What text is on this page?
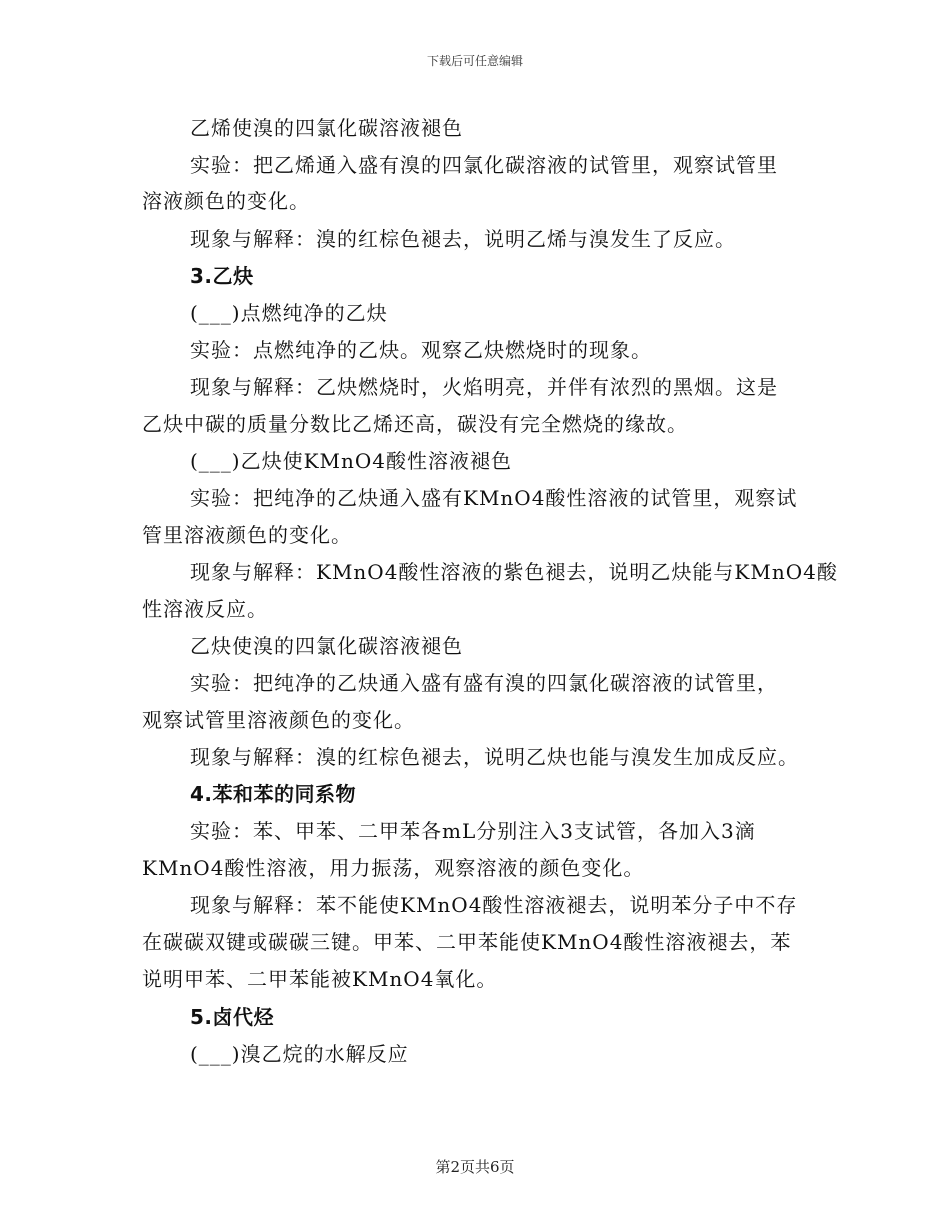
下载后可任意编辑
乙烯使溴的四氯化碳溶液褪色
实验：把乙烯通入盛有溴的四氯化碳溶液的试管里，观察试管里
溶液颜色的变化。
现象与解释：溴的红棕色褪去，说明乙烯与溴发生了反应。
3.乙炔
(___)点燃纯净的乙炔
实验：点燃纯净的乙炔。观察乙炔燃烧时的现象。
现象与解释：乙炔燃烧时，火焰明亮，并伴有浓烈的黑烟。这是
乙炔中碳的质量分数比乙烯还高，碳没有完全燃烧的缘故。
(___)乙炔使KMnO4酸性溶液褪色
实验：把纯净的乙炔通入盛有KMnO4酸性溶液的试管里，观察试
管里溶液颜色的变化。
现象与解释：KMnO4酸性溶液的紫色褪去，说明乙炔能与KMnO4酸
性溶液反应。
乙炔使溴的四氯化碳溶液褪色
实验：把纯净的乙炔通入盛有盛有溴的四氯化碳溶液的试管里，
观察试管里溶液颜色的变化。
现象与解释：溴的红棕色褪去，说明乙炔也能与溴发生加成反应。
4.苯和苯的同系物
实验：苯、甲苯、二甲苯各mL分别注入3支试管，各加入3滴
KMnO4酸性溶液，用力振荡，观察溶液的颜色变化。
现象与解释：苯不能使KMnO4酸性溶液褪去，说明苯分子中不存
在碳碳双键或碳碳三键。甲苯、二甲苯能使KMnO4酸性溶液褪去，苯
说明甲苯、二甲苯能被KMnO4氧化。
5.卤代烃
(___)溴乙烷的水解反应
第2页共6页
